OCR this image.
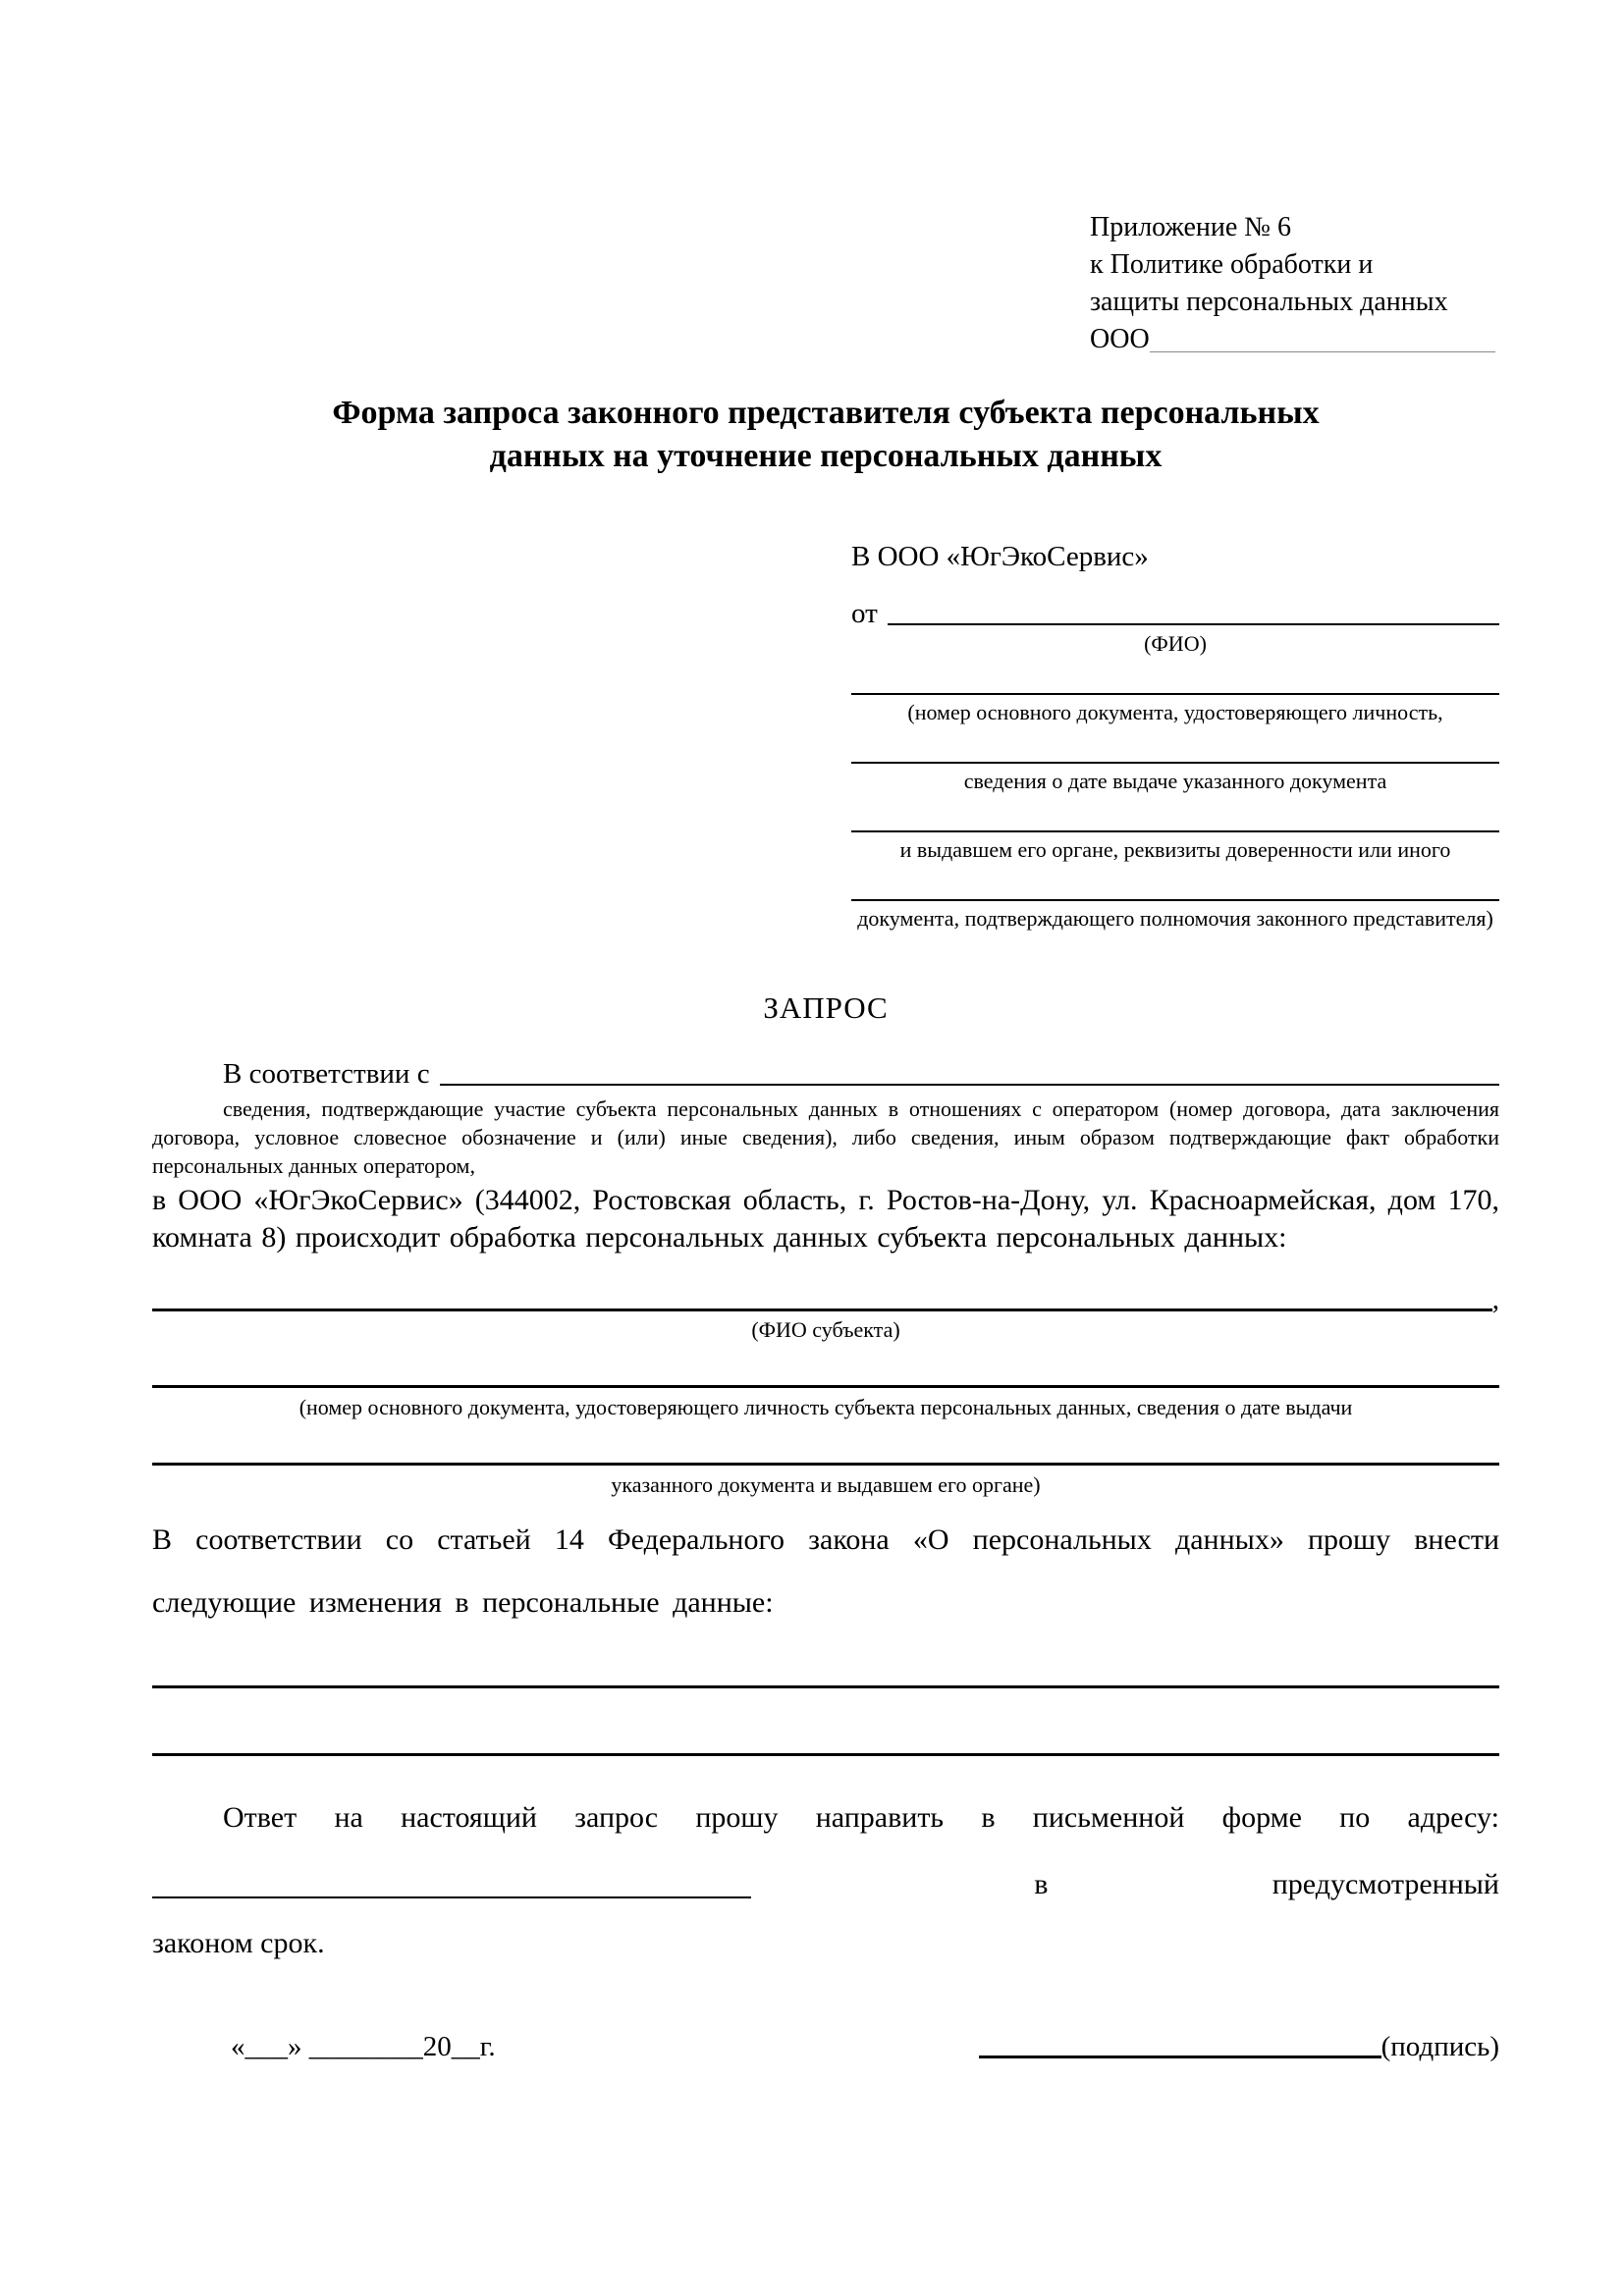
Приложение № 6
к Политике обработки и
защиты персональных данных
ООО
Форма запроса законного представителя субъекта персональных
данных на уточнение персональных данных
В ООО «ЮгЭкоСервис»
от
(ФИО)
(номер основного документа, удостоверяющего личность,
сведения о дате выдаче указанного документа
и выдавшем его органе, реквизиты доверенности или иного
документа, подтверждающего полномочия законного представителя)
ЗАПРОС
В соответствии с
сведения, подтверждающие участие субъекта персональных данных в отношениях с оператором (номер договора, дата заключения договора, условное словесное обозначение и (или) иные сведения), либо сведения, иным образом подтверждающие факт обработки персональных данных оператором,
в ООО «ЮгЭкоСервис» (344002, Ростовская область, г. Ростов-на-Дону, ул. Красноармейская, дом 170, комната 8) происходит обработка персональных данных субъекта персональных данных:
,
(ФИО субъекта)
(номер основного документа, удостоверяющего личность субъекта персональных данных, сведения о дате выдачи
указанного документа и выдавшем его органе)
В соответствии со статьей 14 Федерального закона «О персональных данных» прошу внести следующие изменения в персональные данные:
Ответ на настоящий запрос прошу направить в письменной форме по адресу:
в	предусмотренный
законом срок.
«___» ________20__г.	(подпись)
